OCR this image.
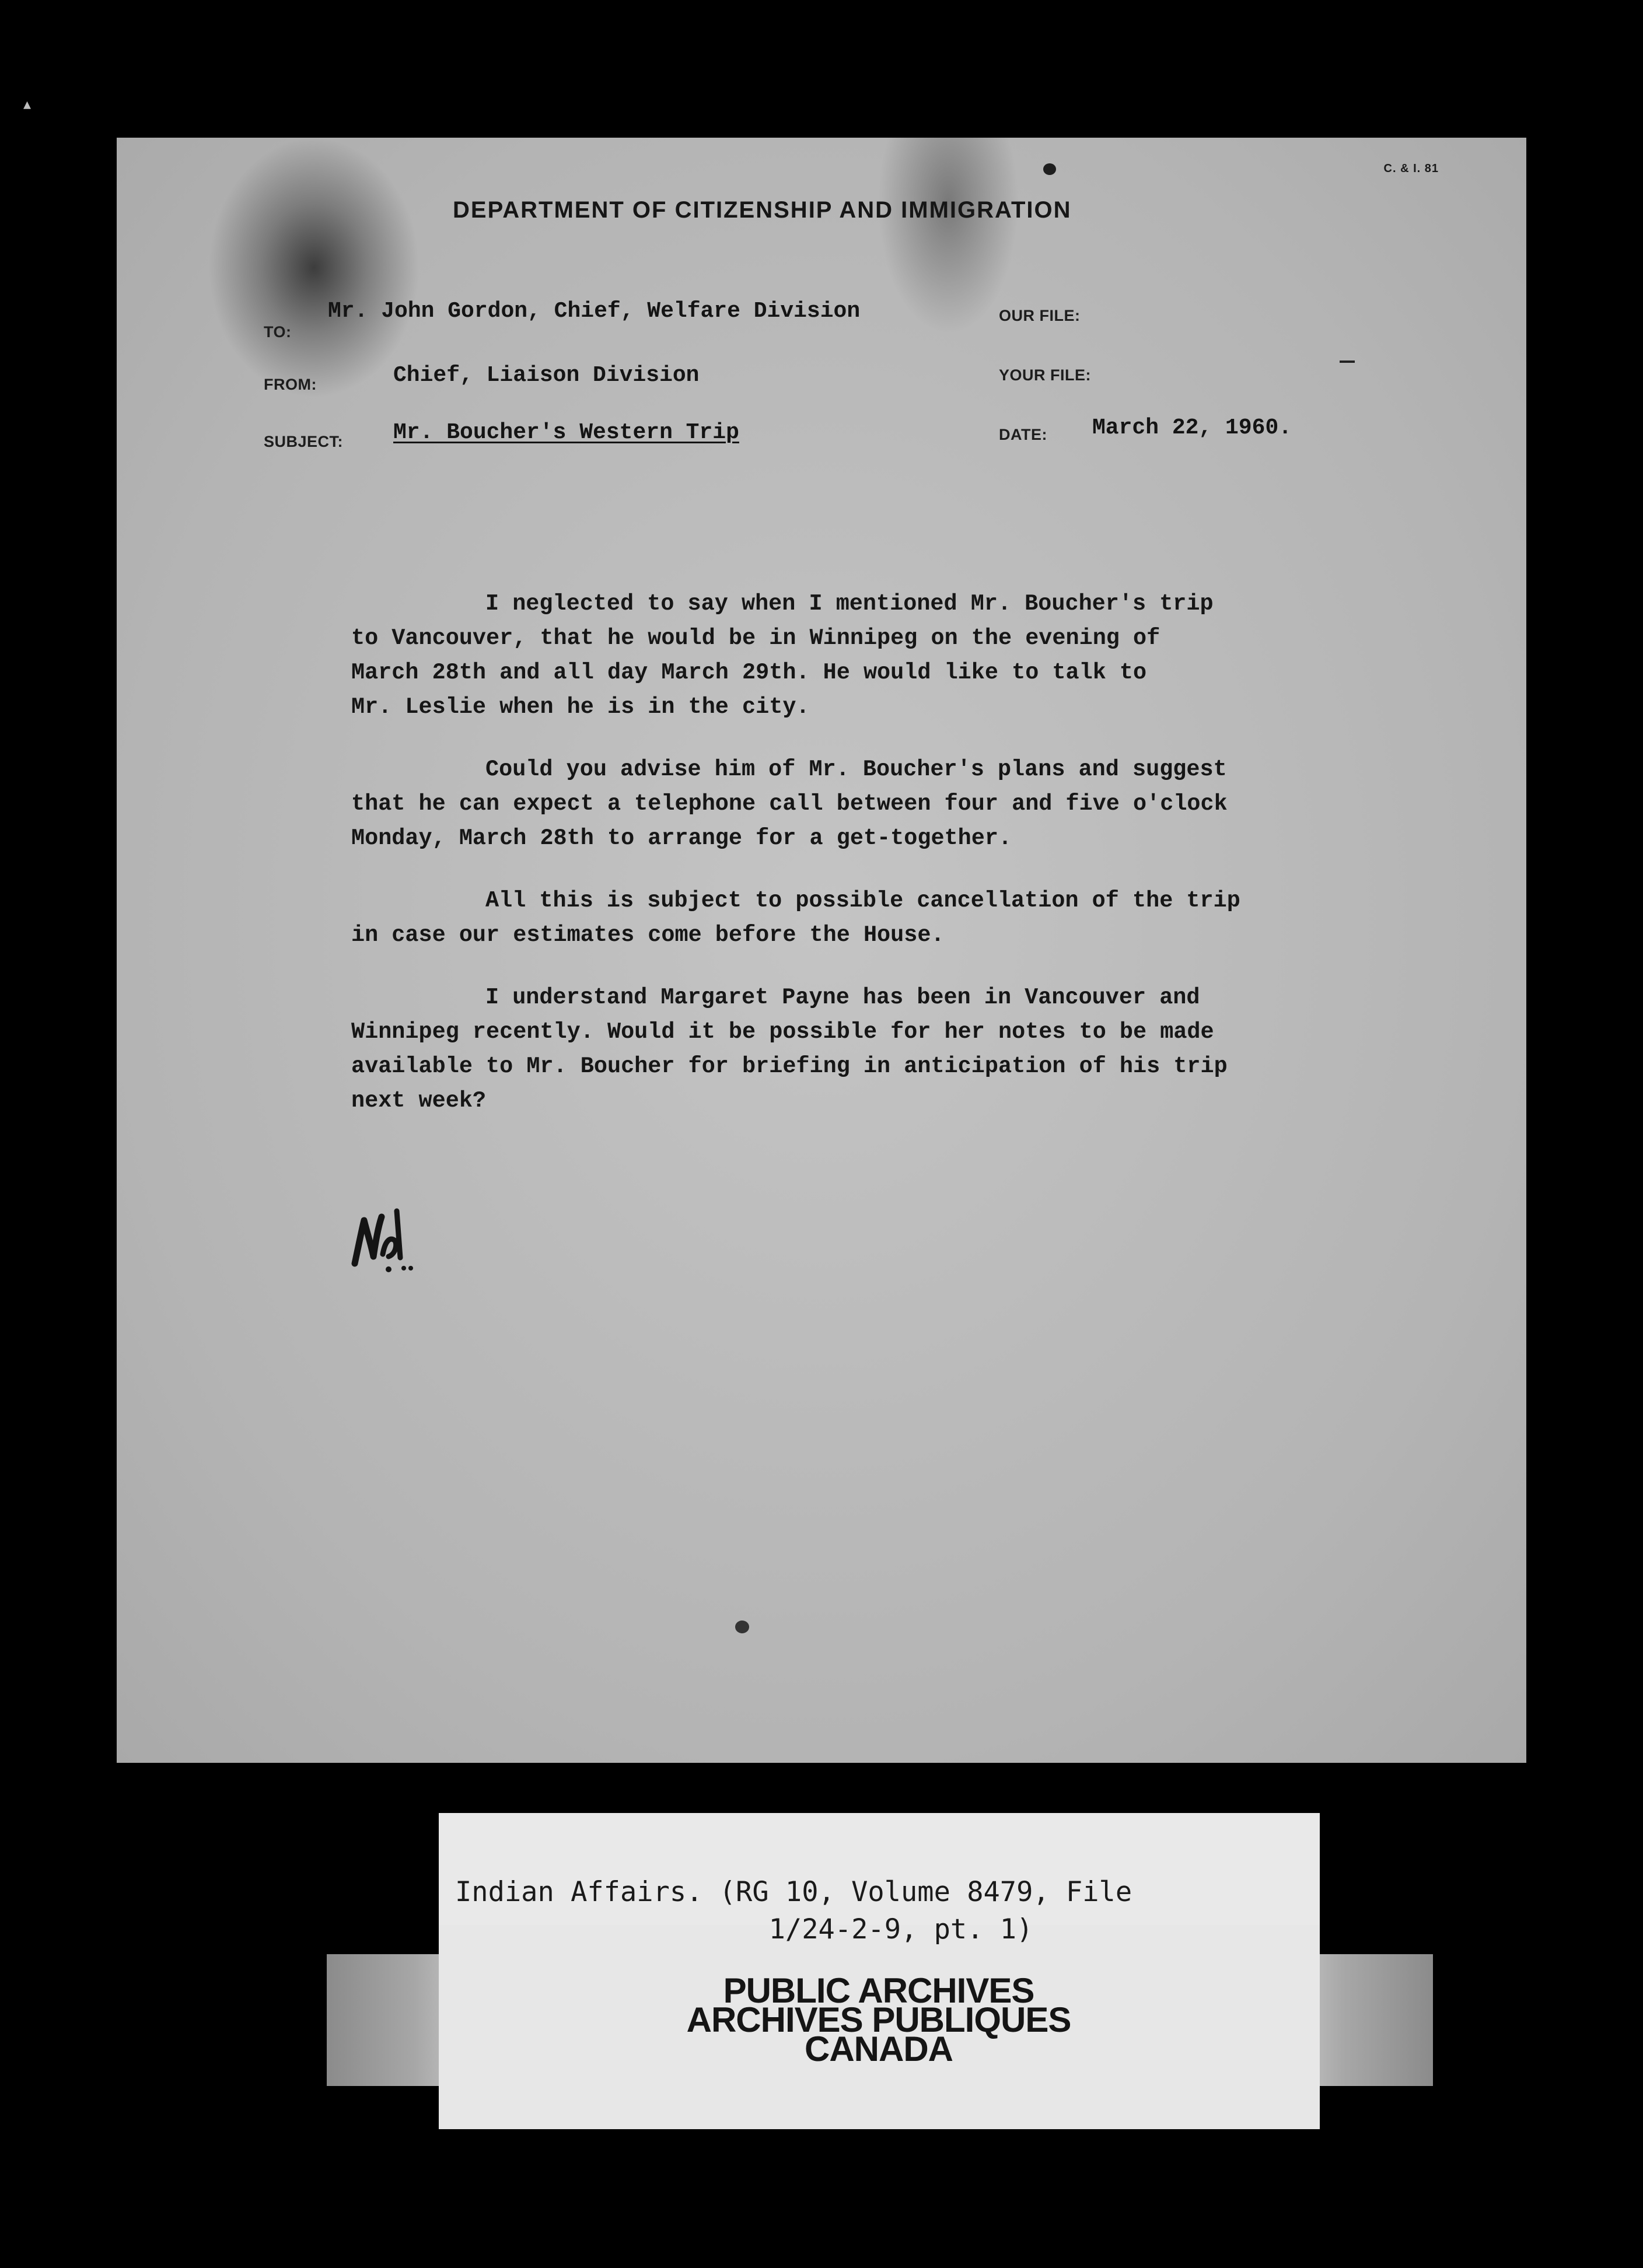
▴
C. & I. 81
DEPARTMENT OF CITIZENSHIP AND IMMIGRATION
TO:
Mr. John Gordon, Chief, Welfare Division
FROM:	Chief, Liaison Division
SUBJECT: Mr. Boucher's Western Trip
OUR FILE:
YOUR FILE:
DATE: March 22, 1960.

I neglected to say when I mentioned Mr. Boucher's trip
to Vancouver, that he would be in Winnipeg on the evening of
March 28th and all day March 29th. He would like to talk to
Mr. Leslie when he is in the city.

Could you advise him of Mr. Boucher's plans and suggest
that he can expect a telephone call between four and five o'clock
Monday, March 28th to arrange for a get-together.

All this is subject to possible cancellation of the trip
in case our estimates come before the House.

I understand Margaret Payne has been in Vancouver and
Winnipeg recently. Would it be possible for her notes to be made
available to Mr. Boucher for briefing in anticipation of his trip
next week?

Indian Affairs. (RG 10, Volume 8479, File
1/24-2-9, pt. 1)
PUBLIC ARCHIVES
ARCHIVES PUBLIQUES
CANADA
